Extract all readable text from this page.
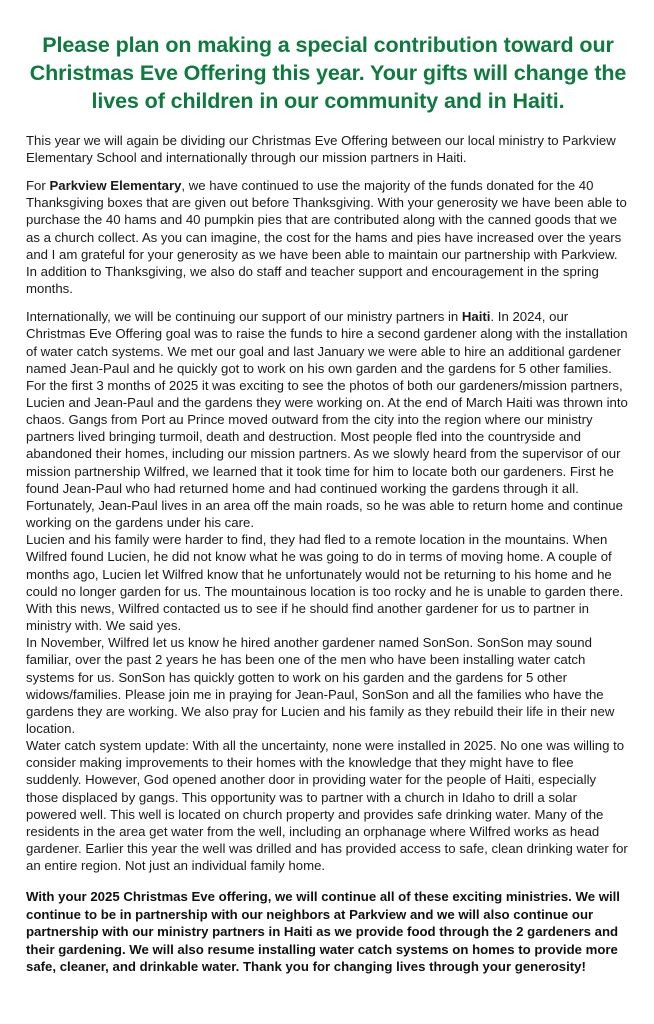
Please plan on making a special contribution toward our Christmas Eve Offering this year. Your gifts will change the lives of children in our community and in Haiti.

This year we will again be dividing our Christmas Eve Offering between our local ministry to Parkview Elementary School and internationally through our mission partners in Haiti.

For Parkview Elementary, we have continued to use the majority of the funds donated for the 40 Thanksgiving boxes that are given out before Thanksgiving. With your generosity we have been able to purchase the 40 hams and 40 pumpkin pies that are contributed along with the canned goods that we as a church collect. As you can imagine, the cost for the hams and pies have increased over the years and I am grateful for your generosity as we have been able to maintain our partnership with Parkview. In addition to Thanksgiving, we also do staff and teacher support and encouragement in the spring months.

Internationally, we will be continuing our support of our ministry partners in Haiti. In 2024, our Christmas Eve Offering goal was to raise the funds to hire a second gardener along with the installation of water catch systems. We met our goal and last January we were able to hire an additional gardener named Jean-Paul and he quickly got to work on his own garden and the gardens for 5 other families. For the first 3 months of 2025 it was exciting to see the photos of both our gardeners/mission partners, Lucien and Jean-Paul and the gardens they were working on. At the end of March Haiti was thrown into chaos. Gangs from Port au Prince moved outward from the city into the region where our ministry partners lived bringing turmoil, death and destruction. Most people fled into the countryside and abandoned their homes, including our mission partners. As we slowly heard from the supervisor of our mission partnership Wilfred, we learned that it took time for him to locate both our gardeners. First he found Jean-Paul who had returned home and had continued working the gardens through it all. Fortunately, Jean-Paul lives in an area off the main roads, so he was able to return home and continue working on the gardens under his care.

Lucien and his family were harder to find, they had fled to a remote location in the mountains. When Wilfred found Lucien, he did not know what he was going to do in terms of moving home. A couple of months ago, Lucien let Wilfred know that he unfortunately would not be returning to his home and he could no longer garden for us. The mountainous location is too rocky and he is unable to garden there.

With this news, Wilfred contacted us to see if he should find another gardener for us to partner in ministry with. We said yes.

In November, Wilfred let us know he hired another gardener named SonSon. SonSon may sound familiar, over the past 2 years he has been one of the men who have been installing water catch systems for us. SonSon has quickly gotten to work on his garden and the gardens for 5 other widows/families. Please join me in praying for Jean-Paul, SonSon and all the families who have the gardens they are working. We also pray for Lucien and his family as they rebuild their life in their new location.

Water catch system update: With all the uncertainty, none were installed in 2025. No one was willing to consider making improvements to their homes with the knowledge that they might have to flee suddenly. However, God opened another door in providing water for the people of Haiti, especially those displaced by gangs. This opportunity was to partner with a church in Idaho to drill a solar powered well. This well is located on church property and provides safe drinking water. Many of the residents in the area get water from the well, including an orphanage where Wilfred works as head gardener. Earlier this year the well was drilled and has provided access to safe, clean drinking water for an entire region. Not just an individual family home.

With your 2025 Christmas Eve offering, we will continue all of these exciting ministries. We will continue to be in partnership with our neighbors at Parkview and we will also continue our partnership with our ministry partners in Haiti as we provide food through the 2 gardeners and their gardening. We will also resume installing water catch systems on homes to provide more safe, cleaner, and drinkable water. Thank you for changing lives through your generosity!
